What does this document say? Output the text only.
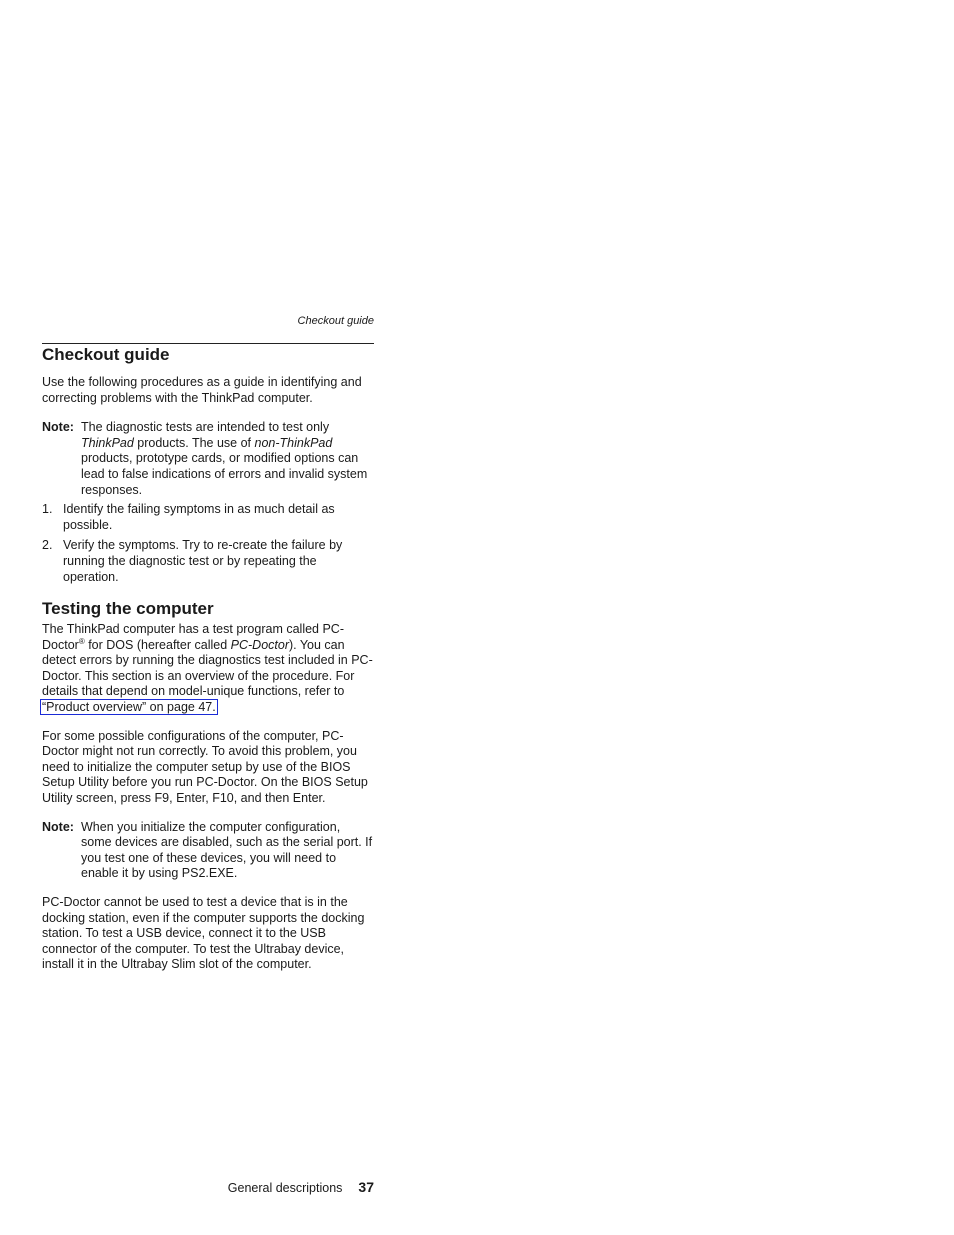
Checkout guide
Checkout guide

Use the following procedures as a guide in identifying and correcting problems with the ThinkPad computer.

Note: The diagnostic tests are intended to test only ThinkPad products. The use of non-ThinkPad products, prototype cards, or modified options can lead to false indications of errors and invalid system responses.
1. Identify the failing symptoms in as much detail as possible.
2. Verify the symptoms. Try to re-create the failure by running the diagnostic test or by repeating the operation.
Testing the computer

The ThinkPad computer has a test program called PC-Doctor® for DOS (hereafter called PC-Doctor). You can detect errors by running the diagnostics test included in PC-Doctor. This section is an overview of the procedure. For details that depend on model-unique functions, refer to “Product overview” on page 47.

For some possible configurations of the computer, PC-Doctor might not run correctly. To avoid this problem, you need to initialize the computer setup by use of the BIOS Setup Utility before you run PC-Doctor. On the BIOS Setup Utility screen, press F9, Enter, F10, and then Enter.

Note: When you initialize the computer configuration, some devices are disabled, such as the serial port. If you test one of these devices, you will need to enable it by using PS2.EXE.

PC-Doctor cannot be used to test a device that is in the docking station, even if the computer supports the docking station. To test a USB device, connect it to the USB connector of the computer. To test the Ultrabay device, install it in the Ultrabay Slim slot of the computer.

General descriptions 37
